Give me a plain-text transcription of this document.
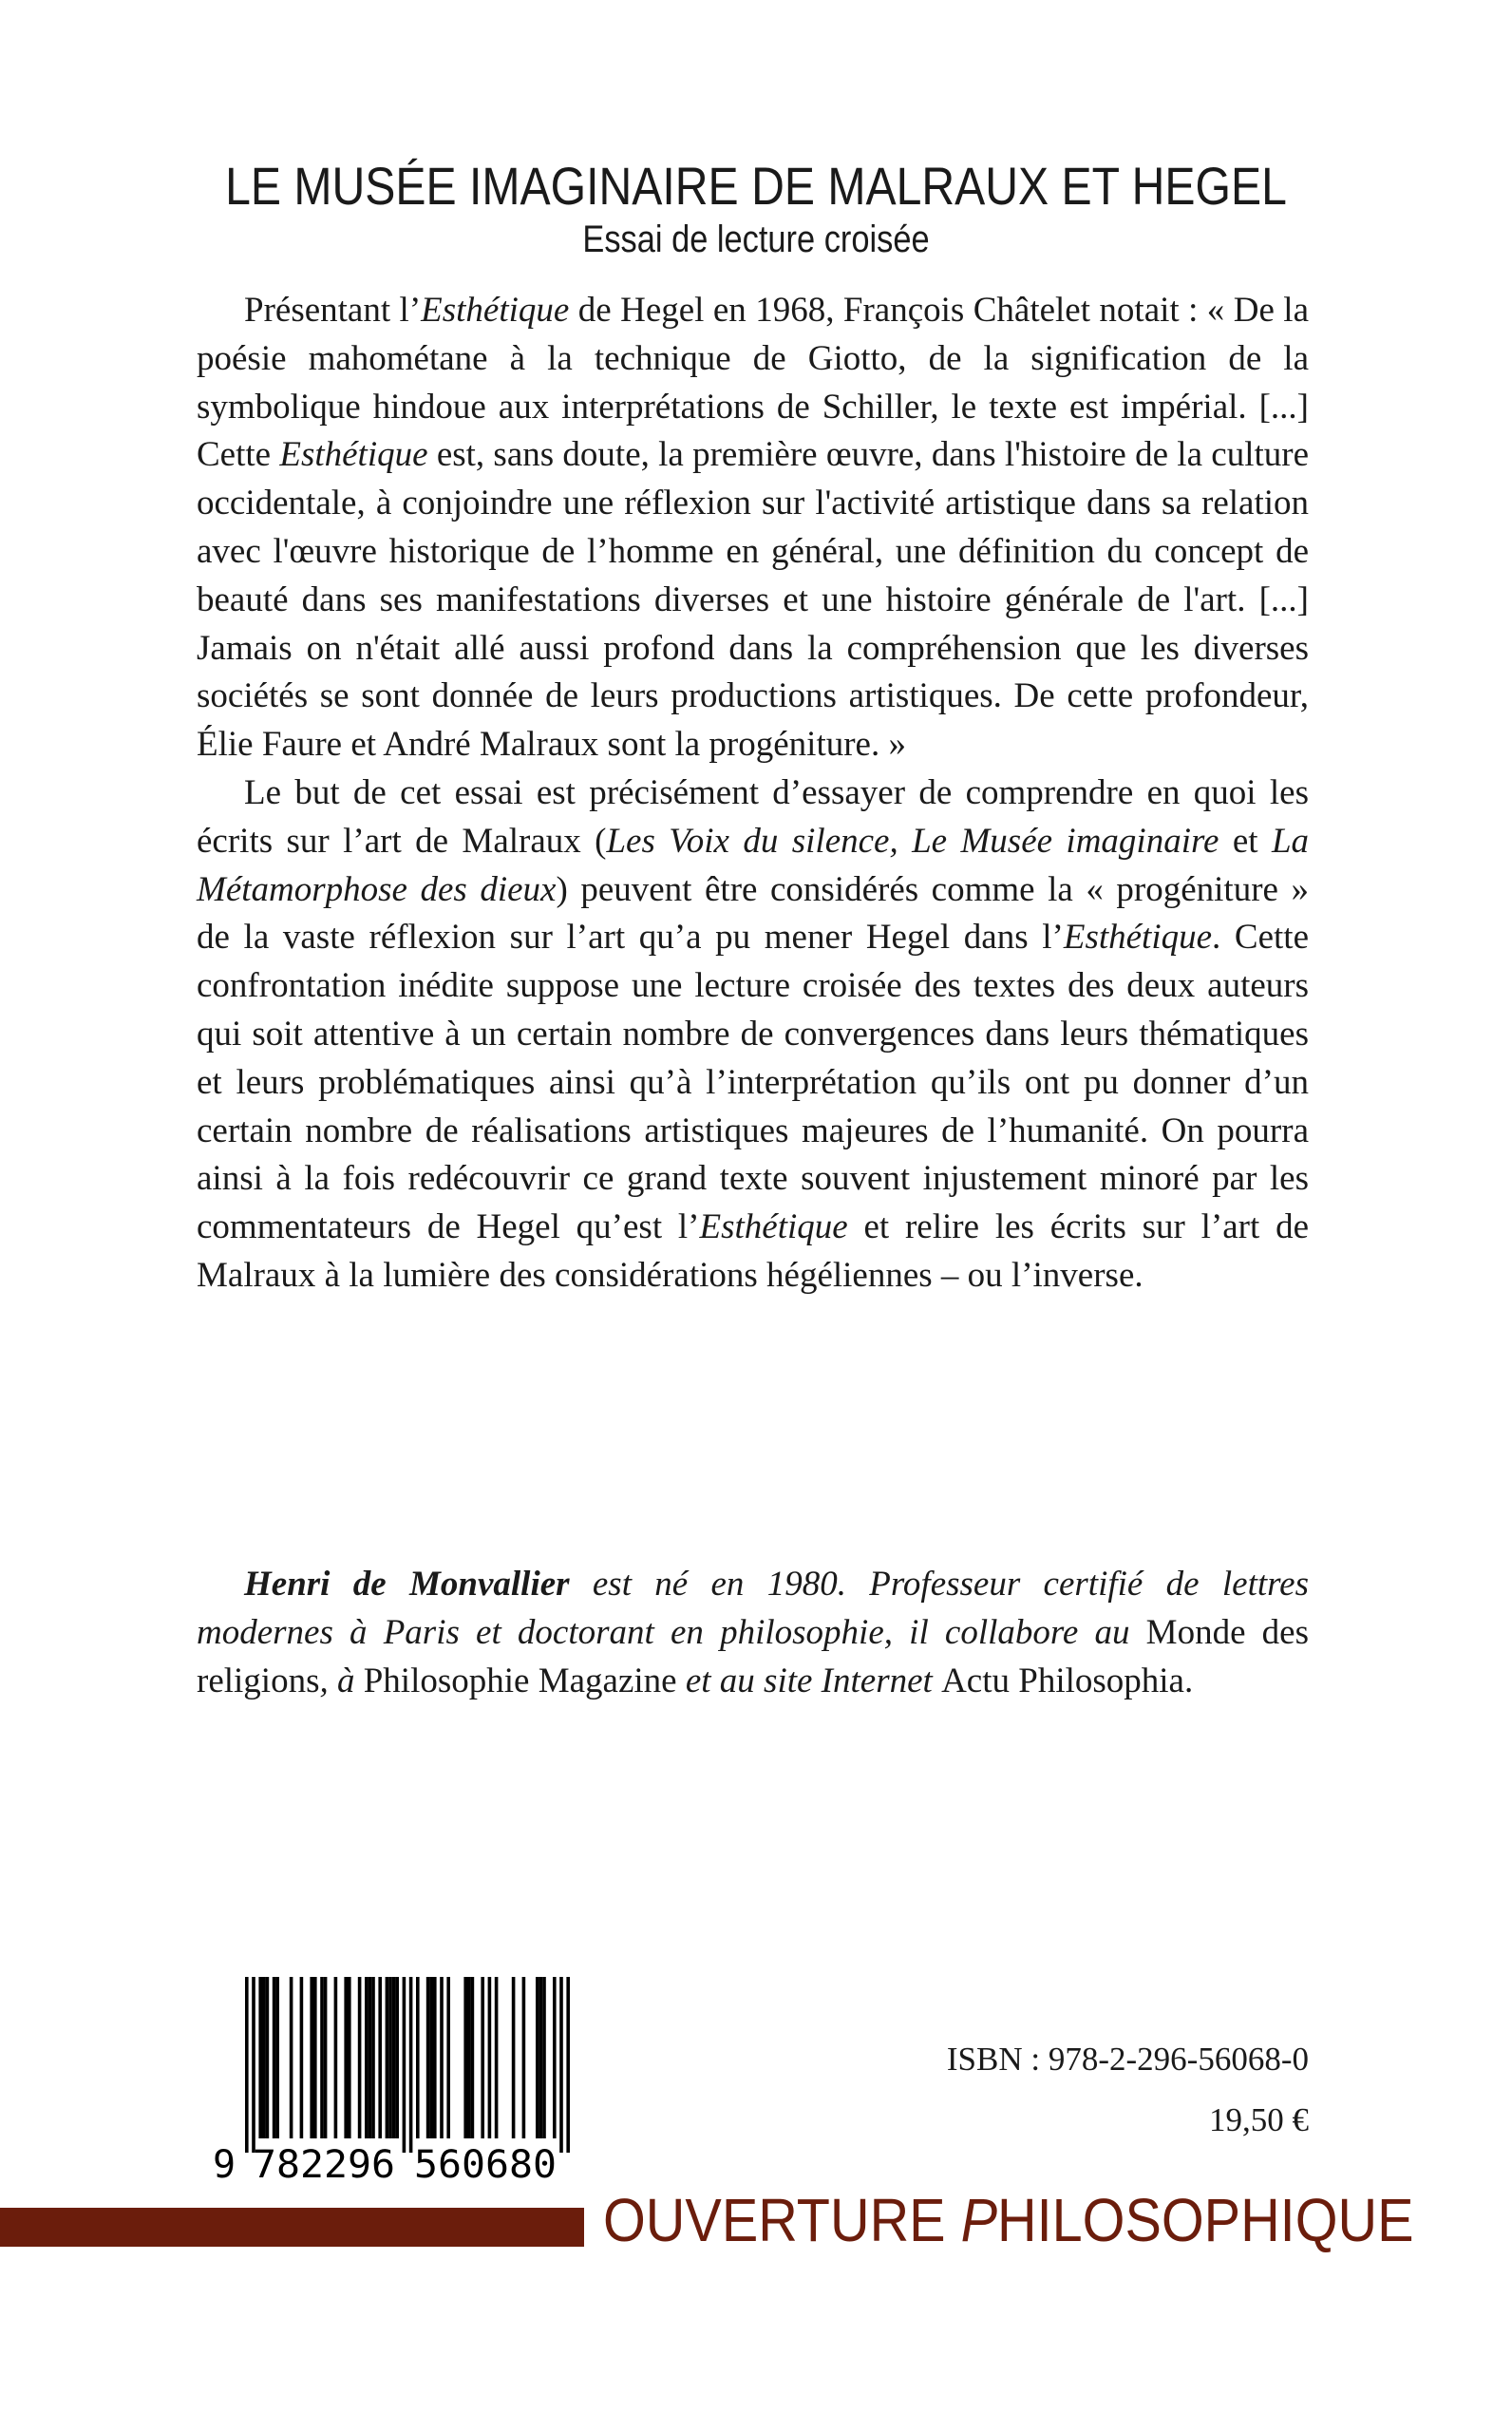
LE MUSÉE IMAGINAIRE DE MALRAUX ET HEGEL
Essai de lecture croisée

Présentant l’Esthétique de Hegel en 1968, François Châtelet notait : « De la poésie mahométane à la technique de Giotto, de la signification de la symbolique hindoue aux interprétations de Schiller, le texte est impérial. [...] Cette Esthétique est, sans doute, la première œuvre, dans l'histoire de la culture occidentale, à conjoindre une réflexion sur l'activité artistique dans sa relation avec l'œuvre historique de l’homme en général, une définition du concept de beauté dans ses manifestations diverses et une histoire générale de l'art. [...] Jamais on n'était allé aussi profond dans la compréhension que les diverses sociétés se sont donnée de leurs productions artistiques. De cette profondeur, Élie Faure et André Malraux sont la progéniture. »

Le but de cet essai est précisément d’essayer de comprendre en quoi les écrits sur l’art de Malraux (Les Voix du silence, Le Musée imaginaire et La Métamorphose des dieux) peuvent être considérés comme la « progéniture » de la vaste réflexion sur l’art qu’a pu mener Hegel dans l’Esthétique. Cette confrontation inédite suppose une lecture croisée des textes des deux auteurs qui soit attentive à un certain nombre de convergences dans leurs thématiques et leurs problématiques ainsi qu’à l’interprétation qu’ils ont pu donner d’un certain nombre de réalisations artistiques majeures de l’humanité. On pourra ainsi à la fois redécouvrir ce grand texte souvent injustement minoré par les commentateurs de Hegel qu’est l’Esthétique et relire les écrits sur l’art de Malraux à la lumière des considérations hégéliennes – ou l’inverse.

Henri de Monvallier est né en 1980. Professeur certifié de lettres modernes à Paris et doctorant en philosophie, il collabore au Monde des religions, à Philosophie Magazine et au site Internet Actu Philosophia.

9 782296 560680
ISBN : 978-2-296-56068-0
19,50 €
OUVERTURE PHILOSOPHIQUE
